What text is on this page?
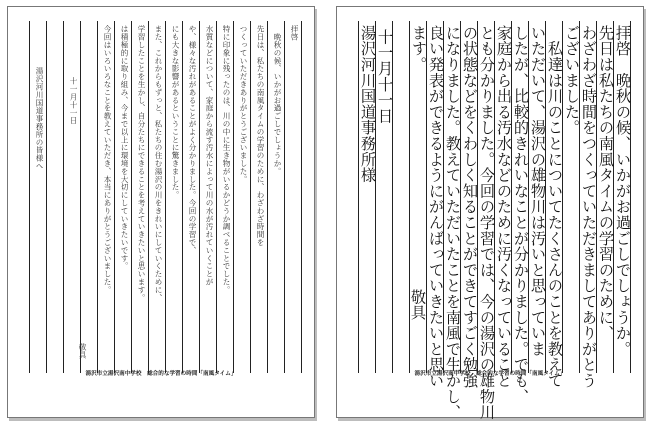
拝啓
　晩秋の候、いかがお過ごしでしょうか。
先日は、私たちの南風タイムの学習のために、わざわざ時間を
つくっていただきありがとうございました。
特に印象に残ったのは、川の中に生き物がいるかどうか調べることでした。
水質などについて、家庭から流す汚水によって川の水が汚れていくことが
や、様々な汚れがあることがよく分かりました。今回の学習で、
にも大きな影響があるということに驚きました。
また、これからもずっと、私たちの住む湯沢の川をきれいにしていくために、
学習したことを生かし、自分たちにできることを考えていきたいと思います。
は積極的に取り組み、今まで以上に環境を大切にしていきたいです。
今回はいろいろなことを教えていただき、本当にありがとうございました。
十一月十一日
湯沢河川国道事務所の皆様へ
敬具
湯沢市立湯沢南中学校　総合的な学習の時間「南風タイム」
拝啓　晩秋の候、いかがお過ごしでしょうか。
先日は私たちの南風タイムの学習のために、
わざわざ時間をつくっていただきましてありがとう
ございました。
　私達は川のことについてたくさんのことを教えて
いただいて、湯沢の雄物川は汚いと思っていま
したが、比較的きれいなことが分かりました。でも、
家庭から出る汚水などのために汚くなっていること
とも分かりました。今回の学習では、今の湯沢の雄物川
の状態などをくわしく知ることができてすごく勉強
になりました。教えていただいたことを南風で生かし、
良い発表ができるようにがんばっていきたいと思い
ます。
十一月十一日
湯沢河川国道事務所様
敬具
湯沢市立湯沢南中学校　総合的な学習の時間「南風タイム」
